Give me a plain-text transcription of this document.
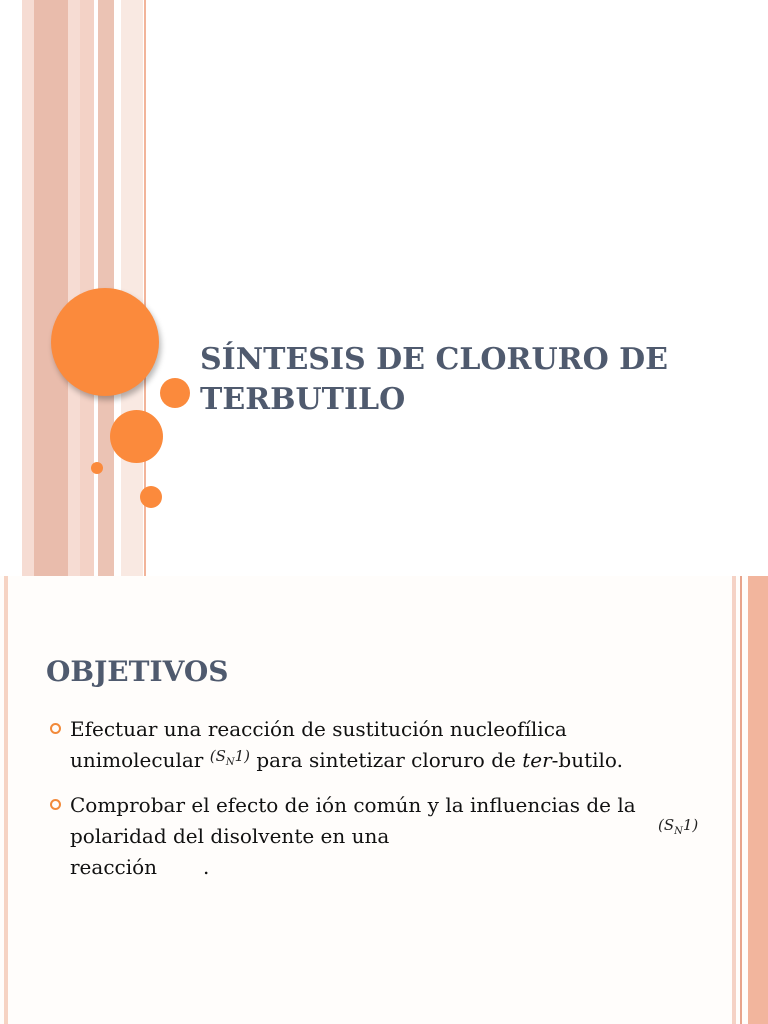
SÍNTESIS DE CLORURO DE
TERBUTILO
OBJETIVOS
Efectuar una reacción de sustitución nucleofílica unimolecular $(S_N1)$ para sintetizar cloruro de ter-butilo.
Comprobar el efecto de ión común y la influencias de la polaridad del disolvente en una	$(S_N1)$

reacción .
